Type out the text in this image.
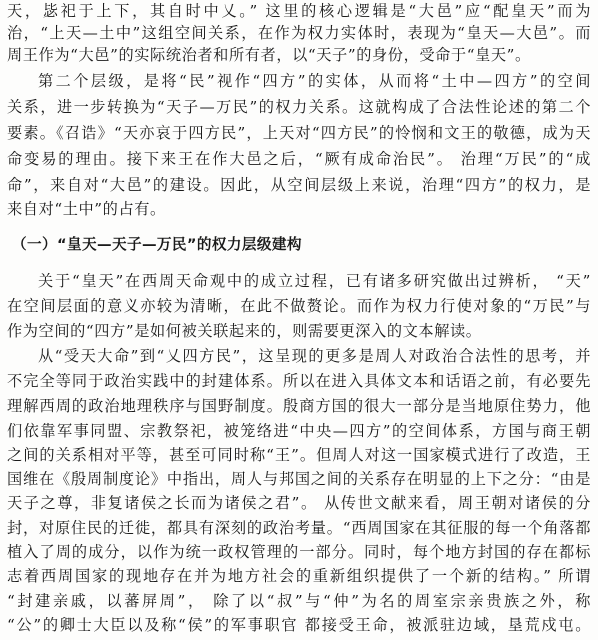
天，毖祀于上下，其自时中乂。” 这里的核心逻辑是“大邑”应“配皇天”而为
治，“上天—土中”这组空间关系，在作为权力实体时，表现为“皇天—大邑”。而
周王作为“大邑”的实际统治者和所有者，以“天子”的身份，受命于“皇天”。
第二个层级，是将“民”视作“四方”的实体，从而将“土中—四方”的空间
关系，进一步转换为“天子—万民”的权力关系。这就构成了合法性论述的第二个
要素。《召诰》“天亦哀于四方民”，上天对“四方民”的怜悯和文王的敬德，成为天
命变易的理由。接下来王在作大邑之后，“厥有成命治民”。 治理“万民”的“成
命”，来自对“大邑”的建设。因此，从空间层级上来说，治理“四方”的权力，是
来自对“土中”的占有。
（一）“皇天—天子—万民”的权力层级建构
关于“皇天”在西周天命观中的成立过程，已有诸多研究做出过辨析， “天”
在空间层面的意义亦较为清晰，在此不做赘论。而作为权力行使对象的“万民”与
作为空间的“四方”是如何被关联起来的，则需要更深入的文本解读。
从“受天大命”到“乂四方民”，这呈现的更多是周人对政治合法性的思考，并
不完全等同于政治实践中的封建体系。所以在进入具体文本和话语之前，有必要先
理解西周的政治地理秩序与国野制度。殷商方国的很大一部分是当地原住势力，他
们依靠军事同盟、宗教祭祀，被笼络进“中央—四方”的空间体系，方国与商王朝
之间的关系相对平等，甚至可同时称“王”。但周人对这一国家模式进行了改造，王
国维在《殷周制度论》中指出，周人与邦国之间的关系存在明显的上下之分：“由是
天子之尊，非复诸侯之长而为诸侯之君”。 从传世文献来看，周王朝对诸侯的分
封，对原住民的迁徙，都具有深刻的政治考量。“西周国家在其征服的每一个角落都
植入了周的成分，以作为统一政权管理的一部分。同时，每个地方封国的存在都标
志着西周国家的现地存在并为地方社会的重新组织提供了一个新的结构。” 所谓
“封建亲戚，以蕃屏周”， 除了以“叔”与“仲”为名的周室宗亲贵族之外，称
“公”的卿士大臣以及称“侯”的军事职官 都接受王命，被派驻边域，垦荒戍屯。
